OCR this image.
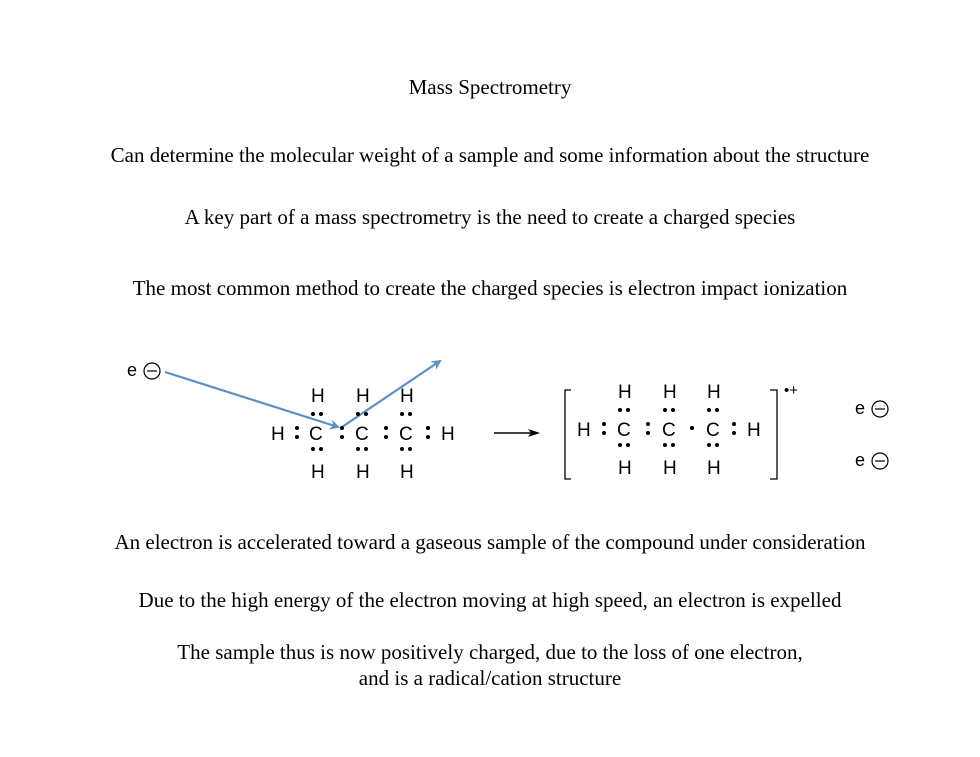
Mass Spectrometry
Can determine the molecular weight of a sample and some information about the structure
A key part of a mass spectrometry is the need to create a charged species
The most common method to create the charged species is electron impact ionization
e
H C C C H
H H H
H H H
H C C C H
H H H
H H H
•+
e
e
An electron is accelerated toward a gaseous sample of the compound under consideration
Due to the high energy of the electron moving at high speed, an electron is expelled
The sample thus is now positively charged, due to the loss of one electron,
and is a radical/cation structure
